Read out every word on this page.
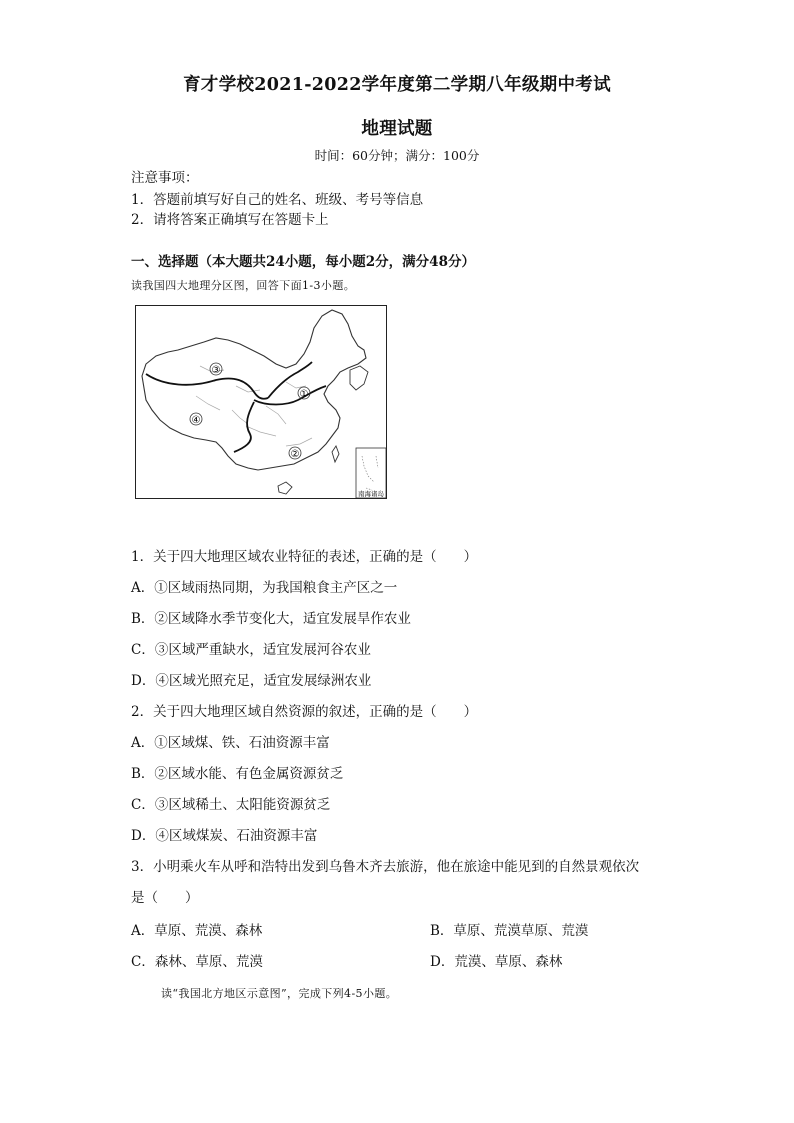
育才学校2021-2022学年度第二学期八年级期中考试
地理试题
时间：60分钟；满分：100分
注意事项：
1．答题前填写好自己的姓名、班级、考号等信息
2．请将答案正确填写在答题卡上
一、选择题（本大题共24小题，每小题2分，满分48分）
读我国四大地理分区图，回答下面1-3小题。
③
①
④
②
南海诸岛
1．关于四大地理区域农业特征的表述，正确的是（　　）
A．①区域雨热同期，为我国粮食主产区之一
B．②区域降水季节变化大，适宜发展旱作农业
C．③区域严重缺水，适宜发展河谷农业
D．④区域光照充足，适宜发展绿洲农业
2．关于四大地理区域自然资源的叙述，正确的是（　　）
A．①区域煤、铁、石油资源丰富
B．②区域水能、有色金属资源贫乏
C．③区域稀土、太阳能资源贫乏
D．④区域煤炭、石油资源丰富
3．小明乘火车从呼和浩特出发到乌鲁木齐去旅游，他在旅途中能见到的自然景观依次
是（　　）
A．草原、荒漠、森林	B．草原、荒漠草原、荒漠
C．森林、草原、荒漠	D．荒漠、草原、森林
读“我国北方地区示意图”，完成下列4-5小题。
